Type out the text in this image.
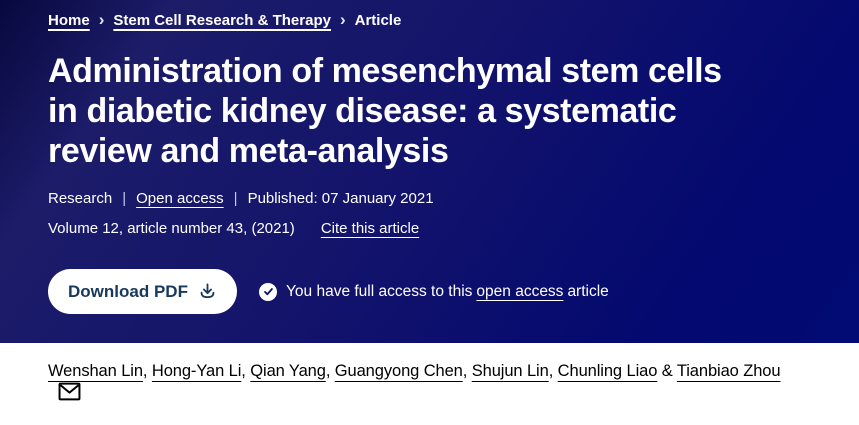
Home › Stem Cell Research & Therapy › Article
Administration of mesenchymal stem cells
in diabetic kidney disease: a systematic
review and meta-analysis
Research | Open access | Published: 07 January 2021
Volume 12, article number 43, (2021) Cite this article
Download PDF	You have full access to this open access article
Wenshan Lin, Hong-Yan Li, Qian Yang, Guangyong Chen, Shujun Lin, Chunling Liao & Tianbiao Zhou
